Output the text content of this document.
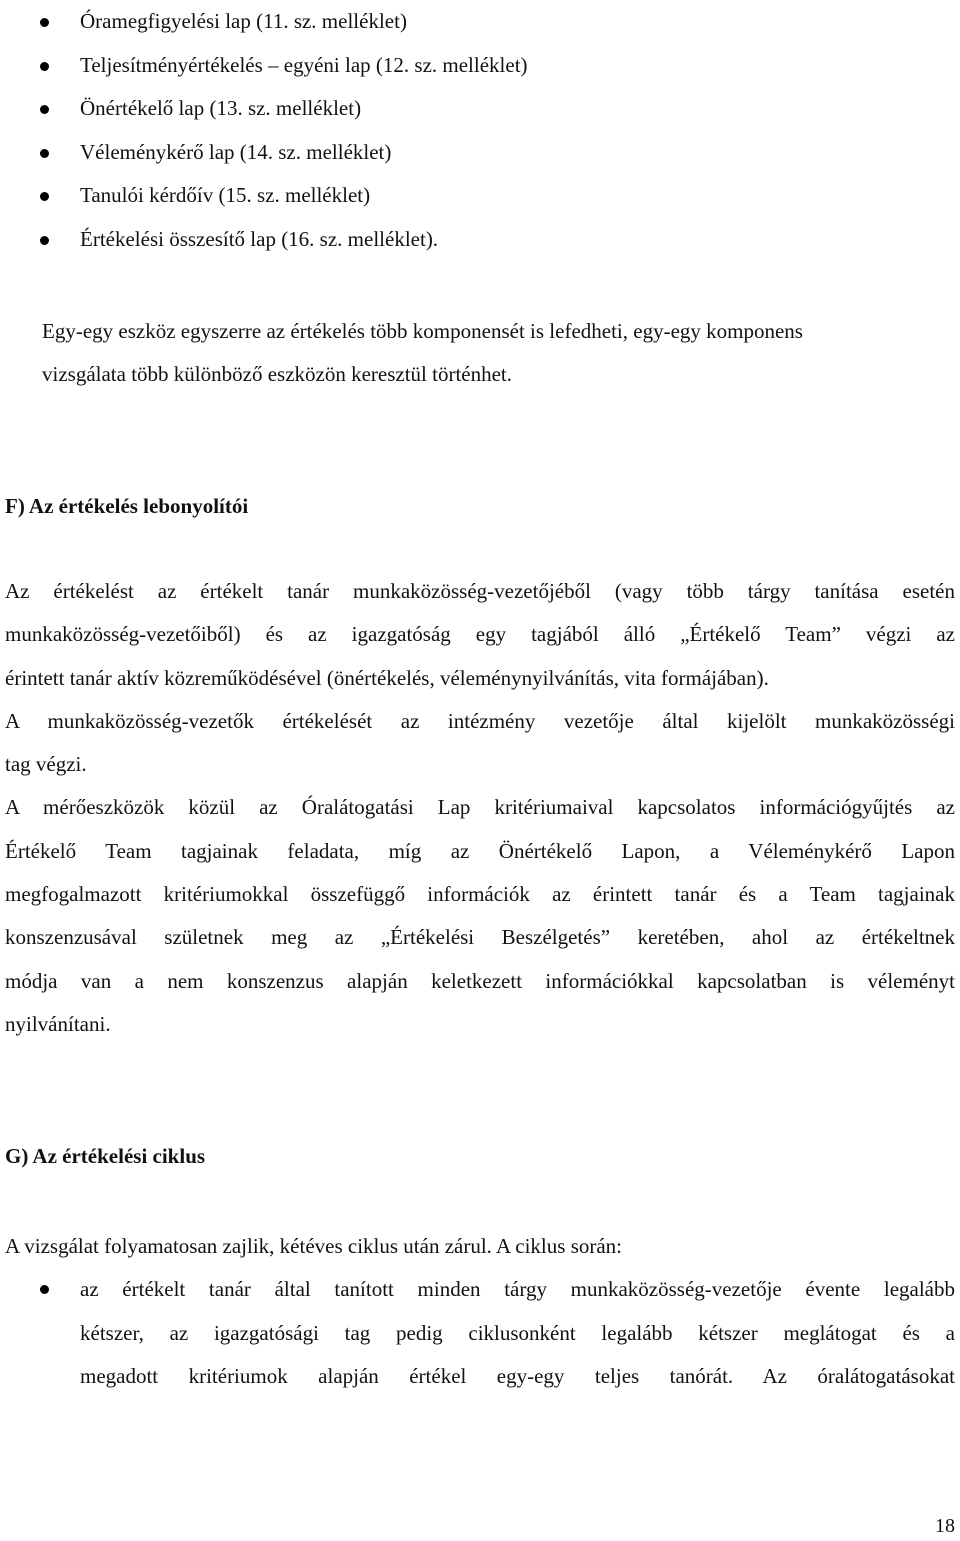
Óramegfigyelési lap (11. sz. melléklet)
Teljesítményértékelés – egyéni lap (12. sz. melléklet)
Önértékelő lap (13. sz. melléklet)
Véleménykérő lap (14. sz. melléklet)
Tanulói kérdőív (15. sz. melléklet)
Értékelési összesítő lap (16. sz. melléklet).

Egy-egy eszköz egyszerre az értékelés több komponensét is lefedheti, egy-egy komponens
vizsgálata több különböző eszközön keresztül történhet.

F) Az értékelés lebonyolítói

Az értékelést az értékelt tanár munkaközösség-vezetőjéből (vagy több tárgy tanítása esetén
munkaközösség-vezetőiből) és az igazgatóság egy tagjából álló „Értékelő Team” végzi az
érintett tanár aktív közreműködésével (önértékelés, véleménynyilvánítás, vita formájában).
A munkaközösség-vezetők értékelését az intézmény vezetője által kijelölt munkaközösségi
tag végzi.
A mérőeszközök közül az Óralátogatási Lap kritériumaival kapcsolatos információgyűjtés az
Értékelő Team tagjainak feladata, míg az Önértékelő Lapon, a Véleménykérő Lapon
megfogalmazott kritériumokkal összefüggő információk az érintett tanár és a Team tagjainak
konszenzusával születnek meg az „Értékelési Beszélgetés” keretében, ahol az értékeltnek
módja van a nem konszenzus alapján keletkezett információkkal kapcsolatban is véleményt
nyilvánítani.

G) Az értékelési ciklus

A vizsgálat folyamatosan zajlik, kétéves ciklus után zárul. A ciklus során:

az értékelt tanár által tanított minden tárgy munkaközösség-vezetője évente legalább
kétszer, az igazgatósági tag pedig ciklusonként legalább kétszer meglátogat és a
megadott kritériumok alapján értékel egy-egy teljes tanórát. Az óralátogatásokat
18
